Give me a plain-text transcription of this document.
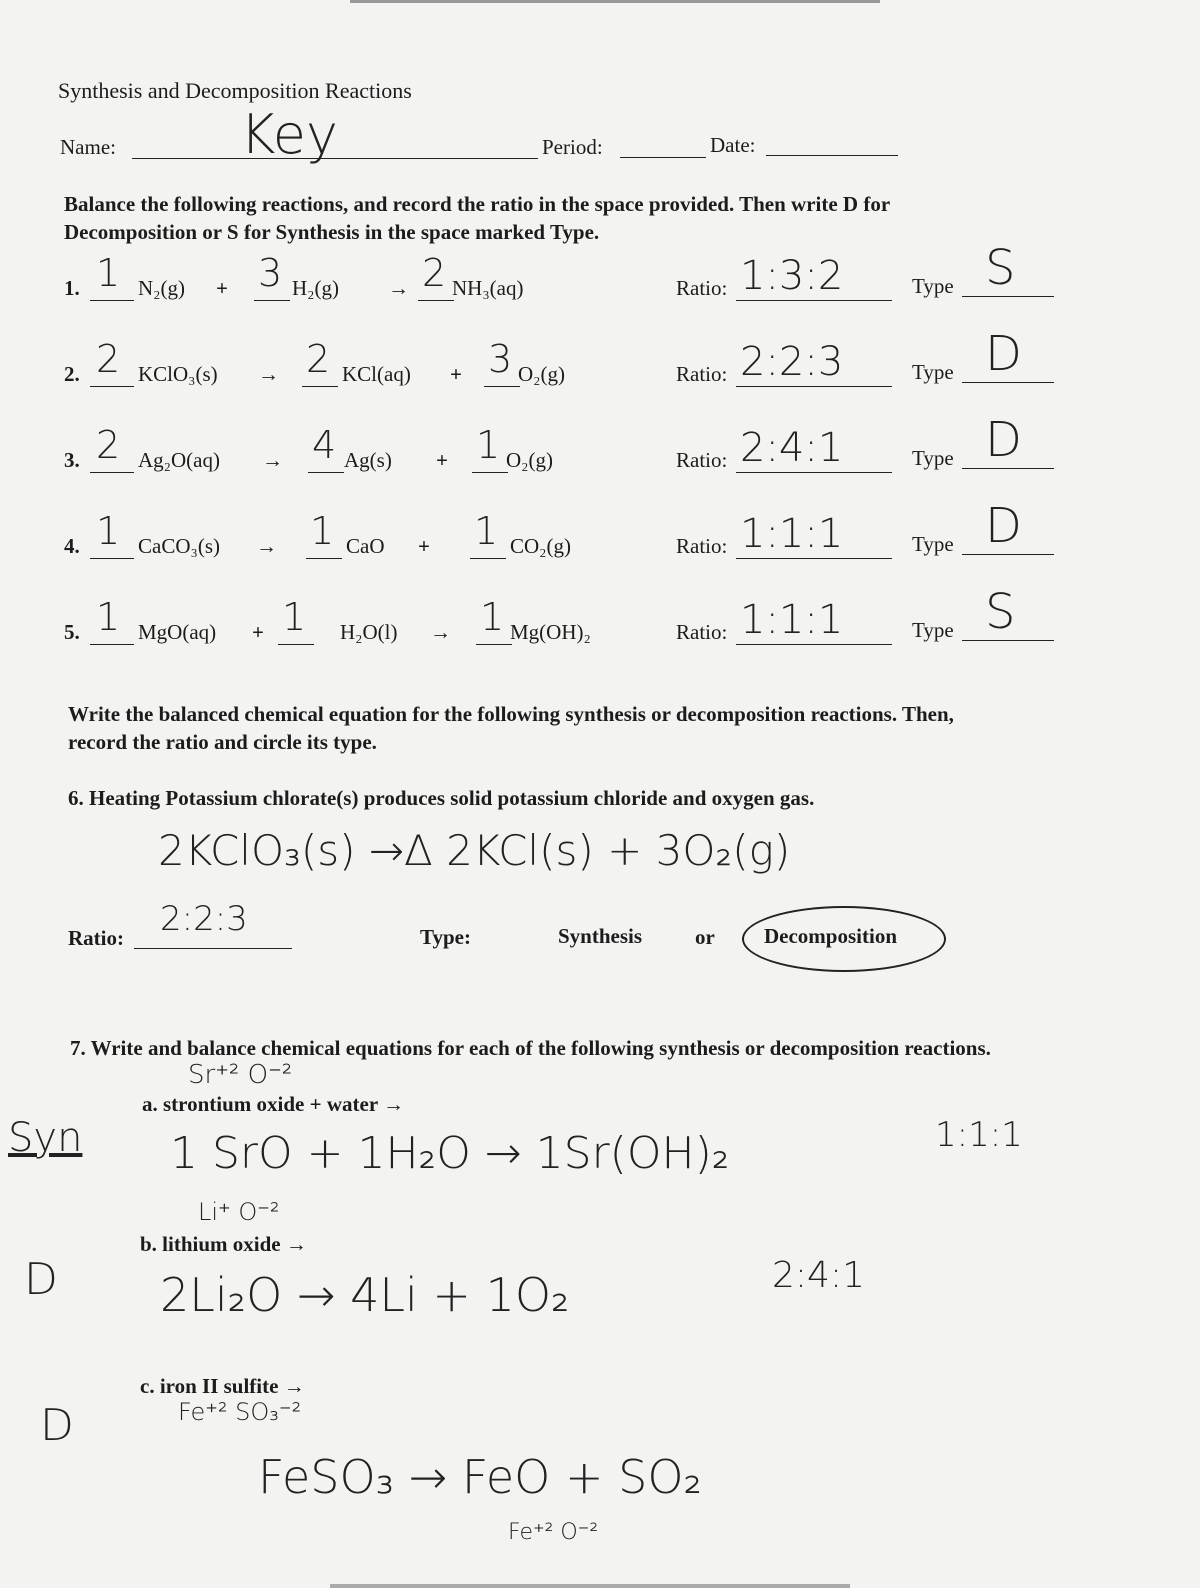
Synthesis and Decomposition Reactions
Name: Key	Period:	Date:
Balance the following reactions, and record the ratio in the space provided. Then write D for
Decomposition or S for Synthesis in the space marked Type.
1. 1 N₂(g) + 3 H₂(g) → 2 NH₃(aq)	Ratio: 1:3:2	Type S
2. 2 KClO₃(s) → 2 KCl(aq) + 3 O₂(g)	Ratio: 2:2:3	Type D
3. 2 Ag₂O(aq) → 4 Ag(s) + 1 O₂(g)	Ratio: 2:4:1	Type D
4. 1 CaCO₃(s) → 1 CaO + 1 CO₂(g)	Ratio: 1:1:1	Type D
5. 1 MgO(aq) + 1 H₂O(l) → 1 Mg(OH)₂	Ratio: 1:1:1	Type S
Write the balanced chemical equation for the following synthesis or decomposition reactions. Then,
record the ratio and circle its type.
6. Heating Potassium chlorate(s) produces solid potassium chloride and oxygen gas.
2KClO₃(s) →Δ 2KCl(s) + 3O₂(g)
Ratio: 2:2:3	Type:	Synthesis	or Decomposition
7. Write and balance chemical equations for each of the following synthesis or decomposition reactions.
Sr⁺² O⁻²
a. strontium oxide + water →
Syn 1 SrO + 1H₂O → 1Sr(OH)₂	1:1:1
Li⁺ O⁻²
b. lithium oxide →
D 2Li₂O → 4Li + 1O₂	2:4:1
c. iron II sulfite →
Fe⁺² SO₃⁻²
D
FeSO₃ → FeO + SO₂
Fe⁺² O⁻²
